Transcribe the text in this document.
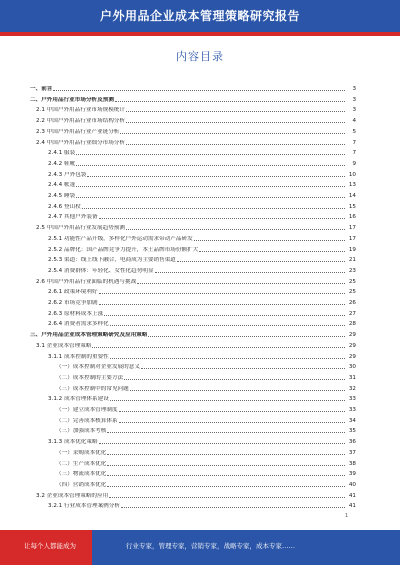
户外用品企业成本管理策略研究报告
内容目录
一、前言	3
二、户外用品行业市场分析及预测	3
2.1 中国户外用品行业市场规模统计	3
2.2 中国户外用品行业市场结构分析	4
2.3 中国户外用品行业产业链分析	5
2.4 中国户外用品行业细分市场分析	7
2.4.1 服装	7
2.4.2 鞋靴	9
2.4.3 户外包袋	10
2.4.4 帐篷	13
2.4.5 睡袋	14
2.4.6 登山杖	15
2.4.7 其他户外装备	16
2.5 中国户外用品行业发展趋势预测	17
2.5.1 功能性产品升级，多样化户外运动需求带动产品研发	17
2.5.2 品牌化：国产品牌竞争力提升，本土品牌市场份额扩大	19
2.5.3 渠道：线上线下融合，电商成为主要销售渠道	21
2.5.4 消费群体：年轻化、女性化趋势明显	23
2.6 中国户外用品行业面临的机遇与挑战	25
2.6.1 政策环境利好	25
2.6.2 市场竞争加剧	26
2.6.3 原材料成本上涨	27
2.6.4 消费者需求多样化	28
三、户外用品企业成本管理策略研究及应用策略	29
3.1 企业成本管理策略	29
3.1.1 成本控制的重要性	29
（一）成本控制对企业发展的意义	30
（二）成本控制的主要方法	31
（三）成本控制中的常见问题	32
3.1.2 成本管理体系建设	33
（一）建立成本管理制度	33
（二）完善成本核算体系	34
（三）加强成本考核	35
3.1.3 成本优化策略	36
（一）采购成本优化	37
（二）生产成本优化	38
（三）物流成本优化	39
（四）营销成本优化	40
3.2 企业成本管理策略的应用	41
3.2.1 行业成本管理案例分析	41
1
让每个人都能成为	行业专家，管理专家，营销专家，战略专家，成本专家……
